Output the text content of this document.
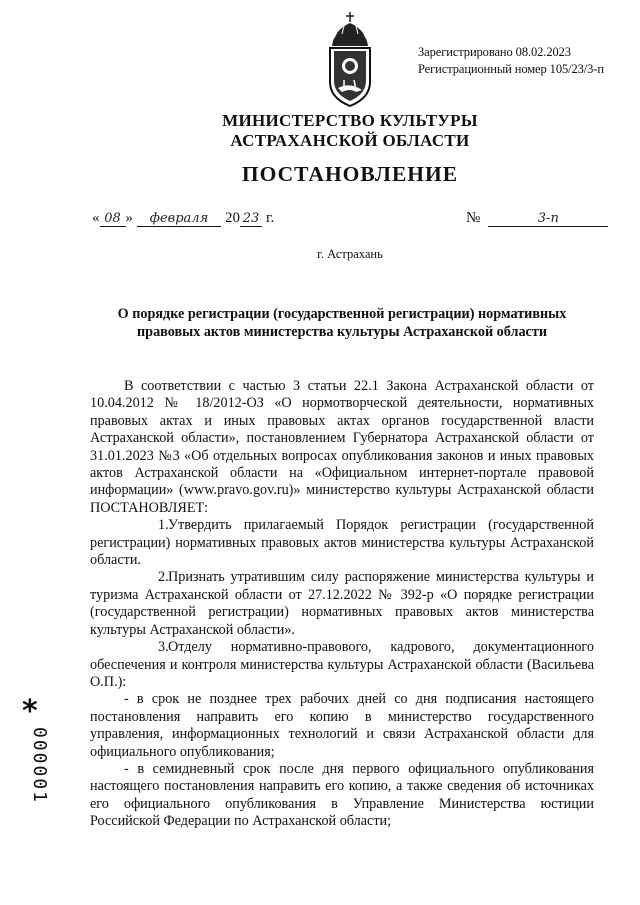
Зарегистрировано 08.02.2023
Регистрационный номер 105/23/3-п
МИНИСТЕРСТВО КУЛЬТУРЫ
АСТРАХАНСКОЙ ОБЛАСТИ
ПОСТАНОВЛЕНИЕ
« 08 »	февраля	20 23 г.	№	3-п
г. Астрахань
О порядке регистрации (государственной регистрации) нормативных
правовых актов министерства культуры Астраханской области

В соответствии с частью 3 статьи 22.1 Закона Астраханской области от 10.04.2012 № 18/2012-ОЗ «О нормотворческой деятельности, нормативных правовых актах и иных правовых актах органов государственной власти Астраханской области», постановлением Губернатора Астраханской области от 31.01.2023 №3 «Об отдельных вопросах опубликования законов и иных правовых актов Астраханской области на «Официальном интернет-портале правовой информации» (www.pravo.gov.ru)» министерство культуры Астраханской области ПОСТАНОВЛЯЕТ:

1.Утвердить прилагаемый Порядок регистрации (государственной регистрации) нормативных правовых актов министерства культуры Астраханской области.

2.Признать утратившим силу распоряжение министерства культуры и туризма Астраханской области от 27.12.2022 № 392-р «О порядке регистрации (государственной регистрации) нормативных правовых актов министерства культуры Астраханской области».

3.Отделу нормативно-правового, кадрового, документационного обеспечения и контроля министерства культуры Астраханской области (Васильева О.П.):

- в срок не позднее трех рабочих дней со дня подписания настоящего постановления направить его копию в министерство государственного управления, информационных технологий и связи Астраханской области для официального опубликования;

- в семидневный срок после дня первого официального опубликования настоящего постановления направить его копию, а также сведения об источниках его официального опубликования в Управление Министерства юстиции Российской Федерации по Астраханской области;

*
000001
